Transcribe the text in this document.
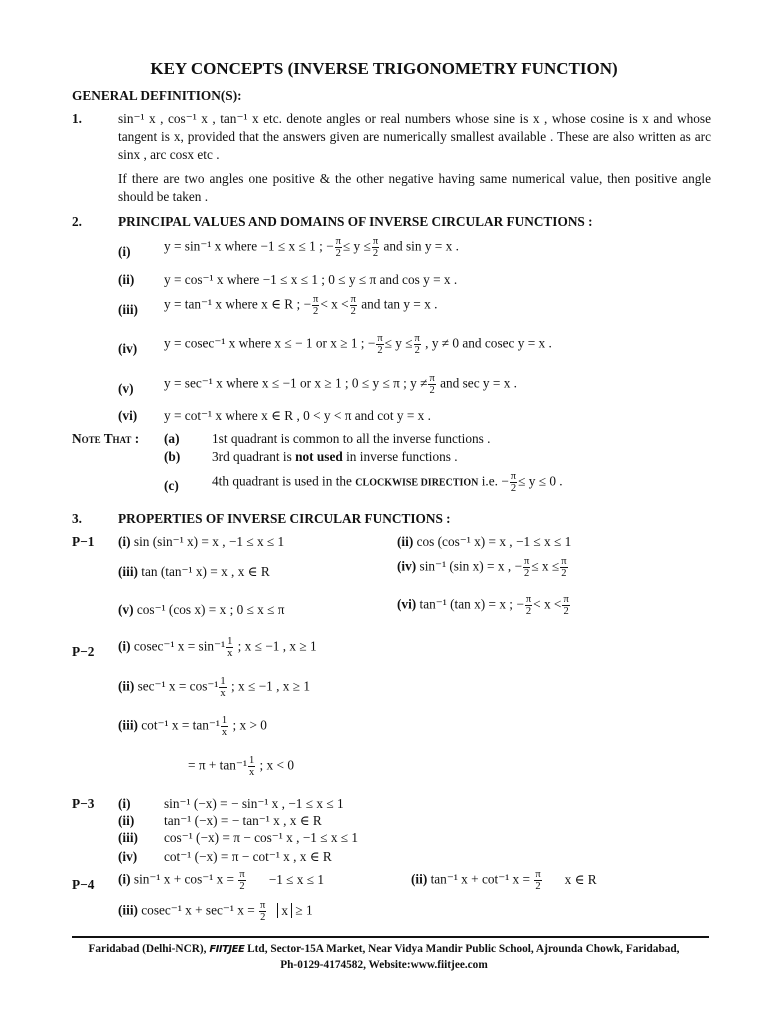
KEY CONCEPTS (INVERSE TRIGONOMETRY FUNCTION)
GENERAL DEFINITION(S):
1.	sin⁻¹ x , cos⁻¹ x , tan⁻¹ x etc. denote angles or real numbers whose sine is x , whose cosine is x and whose tangent is x, provided that the answers given are numerically smallest available . These are also written as arc sinx , arc cosx etc .
If there are two angles one positive & the other negative having same numerical value, then positive angle should be taken .
2.	PRINCIPAL VALUES AND DOMAINS OF INVERSE CIRCULAR FUNCTIONS :
(i)	y = sin⁻¹ x where −1 ≤ x ≤ 1 ; − $\frac{\pi}{2} \le y \le \frac{\pi}{2}$ and sin y = x .
(ii) y = cos⁻¹ x where −1 ≤ x ≤ 1 ; 0 ≤ y ≤ π and cos y = x .
(iii) y = tan⁻¹ x where x ∈ R ; − $\frac{\pi}{2} < x < \frac{\pi}{2}$ and tan y = x .
(iv) y = cosec⁻¹ x where x ≤ − 1 or x ≥ 1 ; − $\frac{\pi}{2} \le y \le \frac{\pi}{2}$ , y ≠ 0 and cosec y = x .
(v) y = sec⁻¹ x where x ≤ −1 or x ≥ 1 ; 0 ≤ y ≤ π ; $y \ne \frac{\pi}{2}$ and sec y = x .
(vi) y = cot⁻¹ x where x ∈ R , 0 < y < π and cot y = x .
Note That : (a) 1st quadrant is common to all the inverse functions .
(b) 3rd quadrant is not used in inverse functions .
(c) 4th quadrant is used in the CLOCKWISE DIRECTION i.e. − $\frac{\pi}{2} \le y \le 0$ .
3.	PROPERTIES OF INVERSE CIRCULAR FUNCTIONS :
P−1 (i) sin (sin⁻¹ x) = x , −1 ≤ x ≤ 1	(ii) cos (cos⁻¹ x) = x , −1 ≤ x ≤ 1
(iii) tan (tan⁻¹ x) = x , x ∈ R	(iv) sin⁻¹ (sin x) = x , − $\frac{\pi}{2} \le x \le \frac{\pi}{2}$
(v) cos⁻¹ (cos x) = x ; 0 ≤ x ≤ π	(vi) tan⁻¹ (tan x) = x ; − $\frac{\pi}{2} < x < \frac{\pi}{2}$
P−2 (i) cosec⁻¹ $x = \sin^{-1} \frac{1}{x}$ ; x ≤ −1 , x ≥ 1
(ii) sec⁻¹ $x = \cos^{-1} \frac{1}{x}$ ; x ≤ −1 , x ≥ 1
(iii) cot⁻¹ $x = \tan^{-1} \frac{1}{x}$ ; x > 0
= $\pi + \tan^{-1} \frac{1}{x}$ ; x < 0
P−3 (i)	sin⁻¹ (−x) = − sin⁻¹ x , −1 ≤ x ≤ 1
(ii) tan⁻¹ (−x) = − tan⁻¹ x , x ∈ R
(iii) cos⁻¹ (−x) = π − cos⁻¹ x , −1 ≤ x ≤ 1
(iv) cot⁻¹ (−x) = π − cot⁻¹ x , x ∈ R
P−4 (i) sin⁻¹ x + cos⁻¹ $x = \frac{\pi}{2} -1 \le x \le 1$	(ii) tan⁻¹ x + cot⁻¹ $x = \frac{\pi}{2}$ x ∈ R
(iii) cosec⁻¹ x + sec⁻¹ $x = \frac{\pi}{2}$ x ≥ 1
Faridabad (Delhi-NCR), FIITJEE Ltd, Sector-15A Market, Near Vidya Mandir Public School, Ajrounda Chowk, Faridabad,
Ph-0129-4174582, Website:www.fiitjee.com
